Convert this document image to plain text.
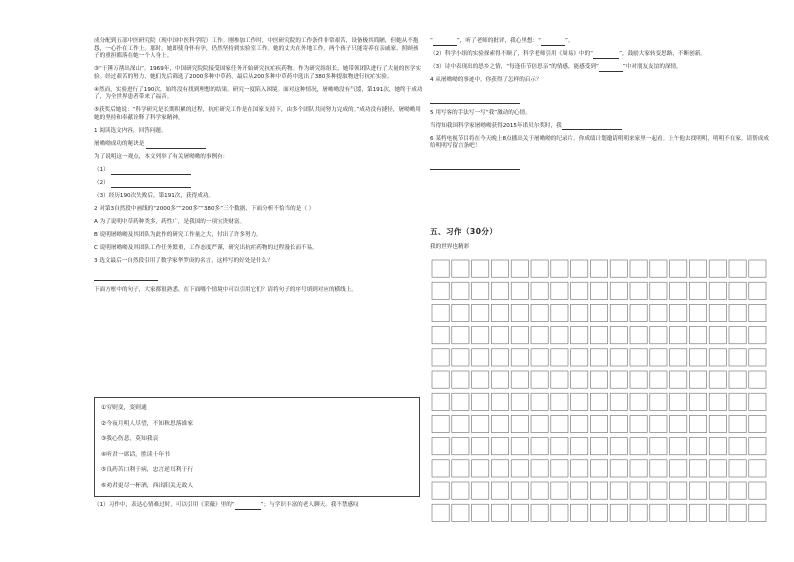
成分配到五部中医研究院（现中国中医科学院）工作。刚参加工作时，中医研究院的工作条件非常艰苦，设备极其简陋，但她从不抱怨，一心扑在工作上。那时，她即使身怀有孕，仍然坚持到实验室工作。她的丈夫在外地工作，两个孩子只能寄养在亲戚家，照顾孩子的重担都落在她一个人身上。

③“干锤万凿出深山”。1969年，中国研究院院接受国家任务开始研究抗疟疾药物。作为研究组组长，她带领团队进行了大量的医学实验。经过艰苦的努力，她们先后筛选了2000多种中草药，最后从200多种中草药中选出了380多种提取物进行抗疟实验。

④然而，实验进行了190次，始终没有找到理想的结果。研究一度陷入困境。面对这种情况，屠呦呦没有气馁，第191次，她终于成功了，为全世界患者带来了福音。

⑤获奖后她说：“科学研究是长期积累的过程，抗疟研究工作是在国家支持下，由多个团队共同努力完成的。”成功没有捷径，屠呦呦用她的坚持和奉献诠释了科学家精神。

1 阅读选文内容，回答问题。

屠呦呦成功的秘诀是

为了说明这一观点，本文列举了有关屠呦呦的事例有：

（1）

（2）

（3）经历190次失败后，第191次，获得成功。

2 对第3自然段中画线的“2000多”“200多”“380多”三个数据，下面分析不恰当的是（ ）

A 为了说明中草药种类多，药性广，是我国的一项宝贵财富。

B 说明屠呦呦及其团队为此作的研究工作量之大，付出了许多努力。

C 说明屠呦呦及其团队工作任务繁重，工作态度严谨，研究出抗疟药物的过程漫长而不易。

3 选文最后一自然段引用了数学家华罗庚的名言，这样写的好处是什么？

下面方框中的句子，大家都很熟悉。在下面哪个情境中可以引用它们？请将句子的序号填到对应的横线上。

①穷则变，变则通

②今夜月明人尽望，不知秋思落谁家

③我心伤悲，莫知我哀

④听君一席话，胜读十年书

⑤良药苦口利于病，忠言逆耳利于行

⑥劝君更尽一杯酒，西出阳关无故人

（1）习作中，表达心情难过时，可以引用《采薇》里的“	”；与学识丰富的老人聊天，我不禁感叹

“	”，听了老师的批评，我心里想：“	”。

（2）科学小组的实验探索得不顺了，科学老师引用《周易》中的“	”，鼓励大家转变思路，不断创新。

（3）诗中表现出的思乡之情，“每逢佳节倍思亲”的情感，能感受到“	”中对朋友友谊的深情。

4 从屠呦呦的事迹中，你获得了怎样的启示？

5 用写客的手法写一写“我”激动的心情。

当得知我国科学家屠呦呦获得2015年诺贝尔奖时，我

6 某档电视节目将在今天晚上8点播出关于屠呦呦的纪录片。你成绩计划邀请明明来家里一起看。上午他去找明明，明明不在家。请帮成成给明明写留言条吧！

五、习作（30分）

我的世界也精彩
